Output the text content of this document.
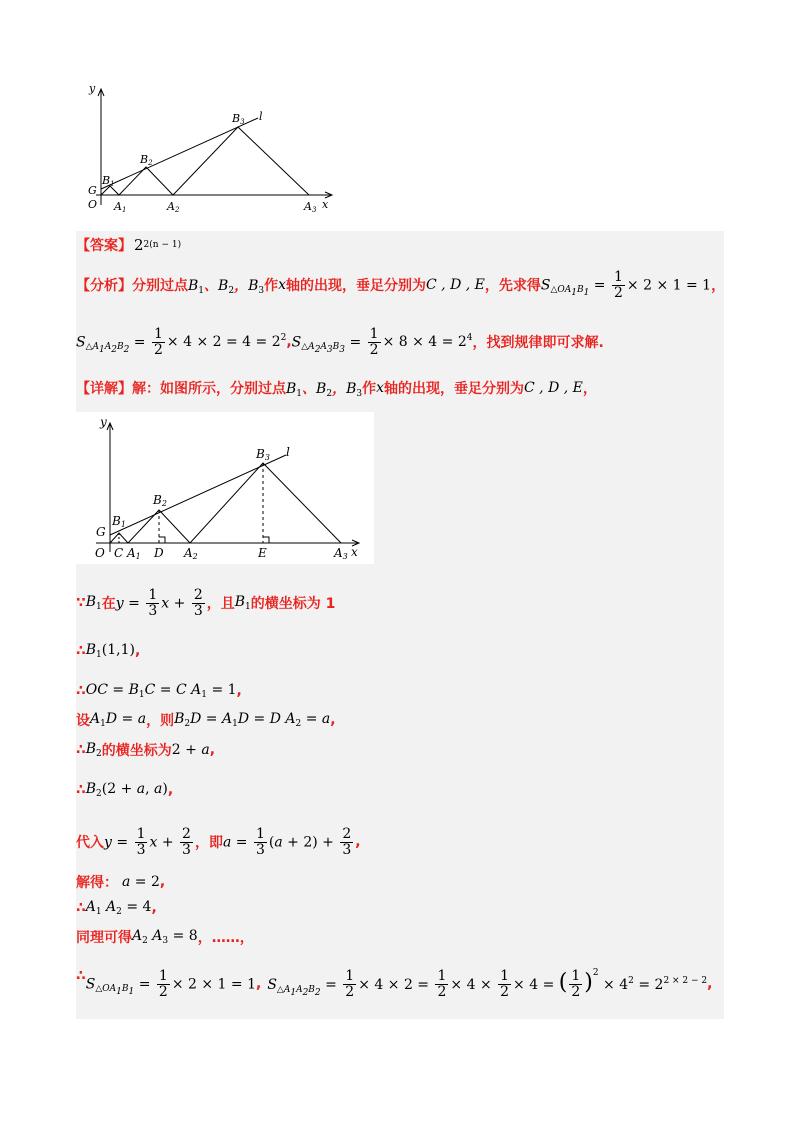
y
x
O
G
l
B1
B2
B3
A1	A2	A3
【答案】 2 2(n − 1)
【分析】 分别过点 $B_1$、$B_2$，$B_3$ 作 x 轴的出现，垂足分别为 C , D , E ，先求得 $S_{\triangle OA_1B_1} = \frac{1}{2} \times 2 \times 1 = 1$ ，
$S_{\triangle A_1A_2B_2} = \frac{1}{2} \times 4 \times 2 = 4 = 2^2$ , $S_{\triangle A_2A_3B_3} = \frac{1}{2} \times 8 \times 4 = 2^4$ ， 找到规律即可求解.
【详解】 解：如图所示，分别过点 $B_1$、$B_2$，$B_3$ 作 x 轴的出现，垂足分别为 C , D , E ，
y
x
O
G
l
C	D	E
B1
B2
B3
A1	A2	A3
∵ $B_1$ 在 $y = \frac{1}{3}$ $x + \frac{2}{3}$ ，且 $B_1$ 的横坐标为 1
∴ $B_1(1,1)$ ,
∴ OC = $B_1C = C$ $A_1 = 1$ ,
设 $A_1D = a$ ，则 $B_2D = A_1D = D$ $A_2 = a$ ,
∴ $B_2$ 的横坐标为 2 + a ,
∴ $B_2(2 + a$, a) ,
代入 $y = \frac{1}{3}$ $x + \frac{2}{3}$ ，即 $a = \frac{1}{3} (a + 2) + \frac{2}{3}$ ,
解得： a = 2 ,
∴ $A_1$ $A_2 = 4$ ,
同理可得 $A_2$ $A_3 = 8$ ，……，
∴ $S_{\triangle OA_1B_1} = \frac{1}{2} \times 2 \times 1 = 1$ , $S_{\triangle A_1A_2B_2} = \frac{1}{2} \times 4 \times 2 = \frac{1}{2} \times 4 \times \frac{1}{2} \times 4$ = ( $\frac{1}{2} )^2 \times 4^2 = 2^{2 \times 2 - 2}$ ,
